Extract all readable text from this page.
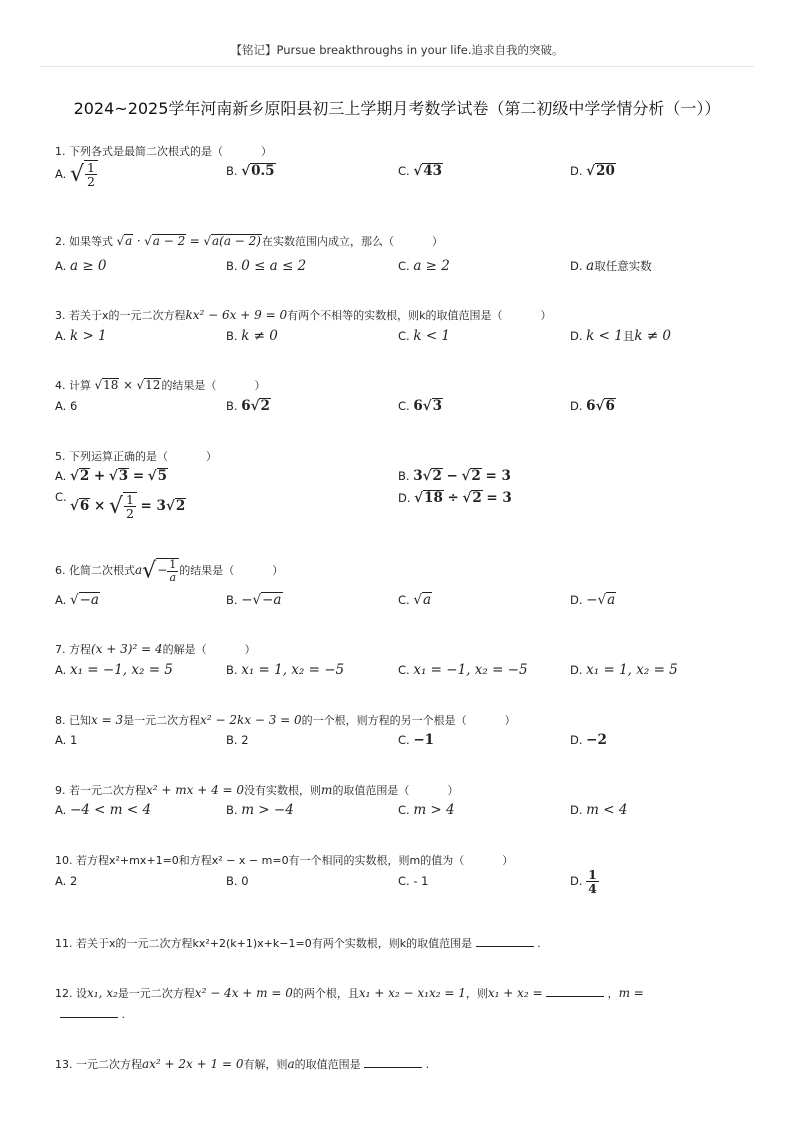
【铭记】Pursue breakthroughs in your life.追求自我的突破。
2024~2025学年河南新乡原阳县初三上学期月考数学试卷（第二初级中学学情分析（一））
1. 下列各式是最简二次根式的是（	）
A. √ $\frac{1}{2}$	B. √0.5	C. √43	D. √20
2. 如果等式 √a · √a − 2 = √a(a − 2)在实数范围内成立，那么（	）
A. a ≥ 0	B. 0 ≤ a ≤ 2	C. a ≥ 2	D. a取任意实数
3. 若关于x的一元二次方程kx² − 6x + 9 = 0有两个不相等的实数根，则k的取值范围是（	）
A. k > 1	B. k ≠ 0	C. k < 1	D. k < 1且k ≠ 0
4. 计算 √18 × √12的结果是（	）
A. 6	B. 6√2	C. 6√3	D. 6√6
5. 下列运算正确的是（	）
A. √2 + √3 = √5	B. 3√2 − √2 = 3
C.
√6 × √ $\frac{1}{2} = 3√2$
D. √18 ÷ √2 = 3
6. 化简二次根式$a√- \frac{1}{a}$ 的结果是（	）
A. √−a	B. −√−a	C. √a	D. −√a
7. 方程(x + 3)² = 4的解是（	）
A. x₁ = −1, x₂ = 5	B. x₁ = 1, x₂ = −5	C. x₁ = −1, x₂ = −5	D. x₁ = 1, x₂ = 5
8. 已知x = 3是一元二次方程x² − 2kx − 3 = 0的一个根，则方程的另一个根是（	）
A. 1	B. 2	C. −1	D. −2
9. 若一元二次方程x² + mx + 4 = 0没有实数根，则m的取值范围是（	）
A. −4 < m < 4	B. m > −4	C. m > 4	D. m < 4
10. 若方程x²+mx+1=0和方程x² − x − m=0有一个相同的实数根，则m的值为（	）
A. 2	B. 0	C. - 1	D. $\frac{1}{4}$
11. 若关于x的一元二次方程kx²+2(k+1)x+k−1=0有两个实数根，则k的取值范围是	.
12. 设x₁, x₂是一元二次方程x² − 4x + m = 0的两个根，且x₁ + x₂ − x₁x₂ = 1，则x₁ + x₂ =	，m =
.
13. 一元二次方程ax² + 2x + 1 = 0有解，则a的取值范围是	.
